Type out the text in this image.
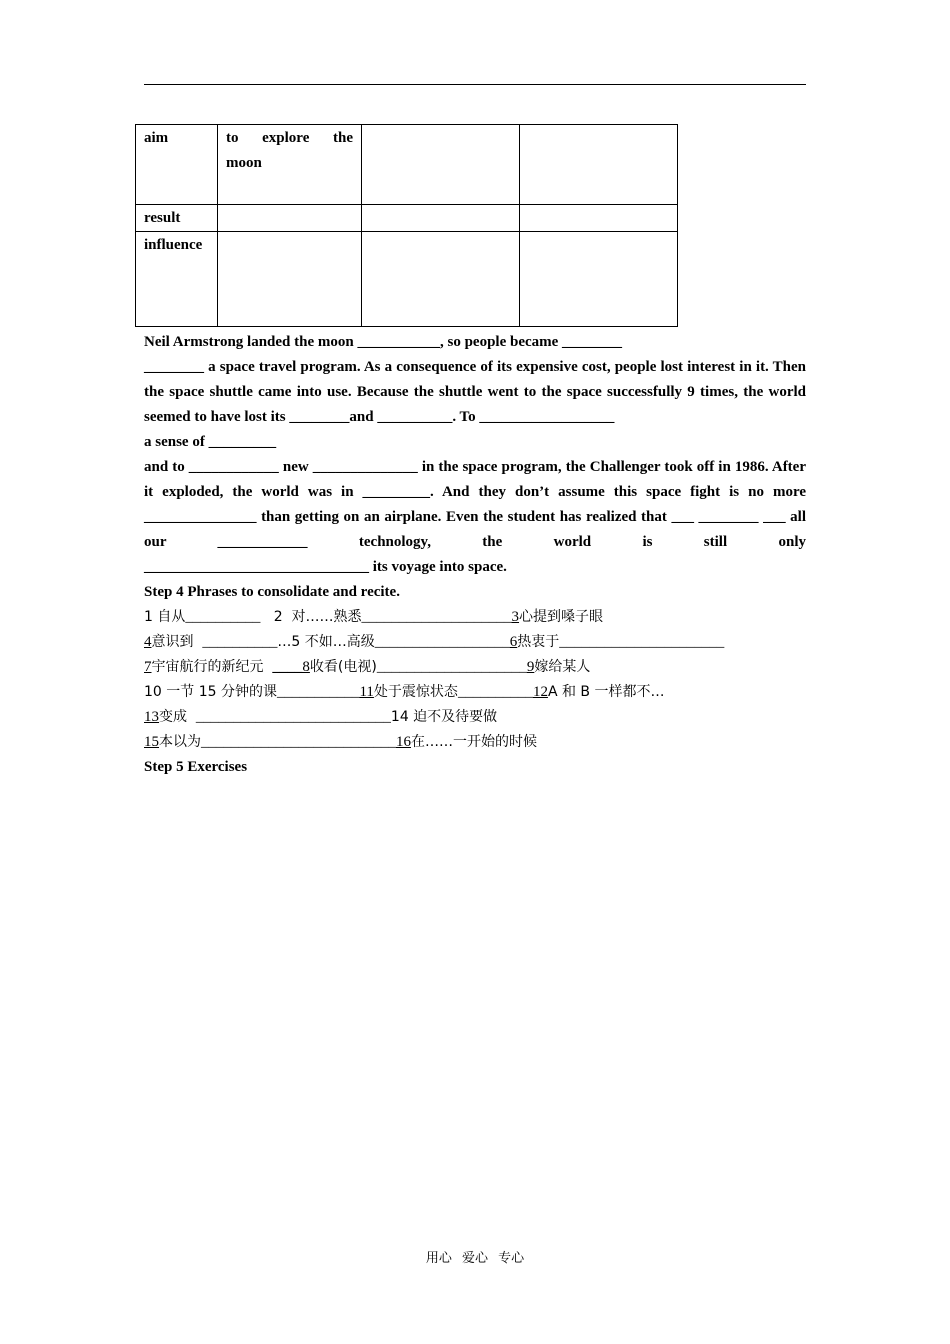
aim	to explore the
moon		

result			
influence			

Neil Armstrong landed the moon ___________, so people became ________

________ a space travel program. As a consequence of its expensive cost, people lost interest in it. Then the space shuttle came into use. Because the shuttle went to the space successfully 9 times, the world seemed to have lost its ________and __________. To __________________

a sense of _________

and to ____________ new ______________ in the space program, the Challenger took off in 1986. After it exploded, the world was in _________. And they don’t assume this space fight is no more _______________ than getting on an airplane. Even the student has realized that ___ ________ ___ all our ____________ technology, the world is still only

______________________________ its voyage into space.

Step 4 Phrases to consolidate and recite.

1 自从__________   2  对……熟悉____________________3心提到嗓子眼

4意识到  __________…5 不如…高级__________________6热衷于______________________

7宇宙航行的新纪元  ____8收看(电视)____________________9嫁给某人

10 一节 15 分钟的课___________11处于震惊状态__________12A 和 B 一样都不…

13变成  __________________________14 迫不及待要做

15本以为__________________________16在……一开始的时候

Step 5 Exercises

用心 爱心 专心
